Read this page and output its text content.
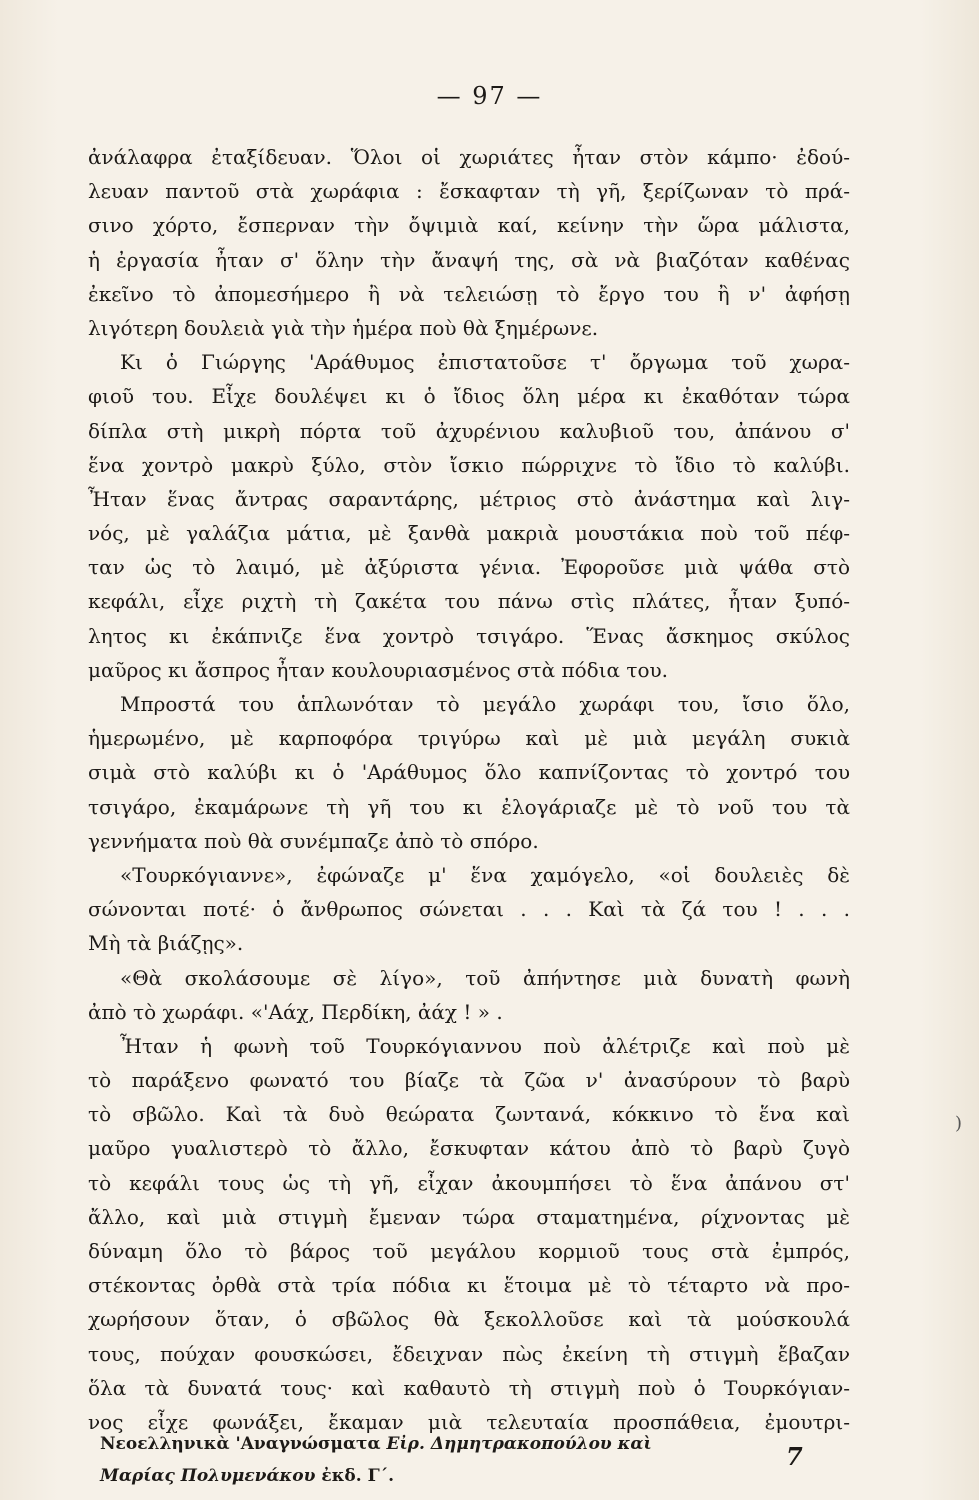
— 97 —
ἀνάλαφρα ἐταξίδευαν. Ὅλοι οἱ χωριάτες ἦταν στὸν κάμπο· ἐδού-
λευαν παντοῦ στὰ χωράφια : ἔσκαφταν τὴ γῆ, ξερίζωναν τὸ πρά-
σινο χόρτο, ἔσπερναν τὴν ὄψιμιὰ καί, κείνην τὴν ὥρα μάλιστα,
ἡ ἐργασία ἦταν σ' ὅλην τὴν ἄναψή της, σὰ νὰ βιαζόταν καθένας
ἐκεῖνο τὸ ἀπομεσήμερο ἢ νὰ τελειώσῃ τὸ ἔργο του ἢ ν' ἀφήσῃ
λιγότερη δουλειὰ γιὰ τὴν ἡμέρα ποὺ θὰ ξημέρωνε.
Κι ὁ Γιώργης 'Αράθυμος ἐπιστατοῦσε τ' ὄργωμα τοῦ χωρα-
φιοῦ του. Εἶχε δουλέψει κι ὁ ἴδιος ὅλη μέρα κι ἐκαθόταν τώρα
δίπλα στὴ μικρὴ πόρτα τοῦ ἀχυρένιου καλυβιοῦ του, ἀπάνου σ'
ἕνα χοντρὸ μακρὺ ξύλο, στὸν ἴσκιο πώρριχνε τὸ ἴδιο τὸ καλύβι.
Ἦταν ἕνας ἄντρας σαραντάρης, μέτριος στὸ ἀνάστημα καὶ λιγ-
νός, μὲ γαλάζια μάτια, μὲ ξανθὰ μακριὰ μουστάκια ποὺ τοῦ πέφ-
ταν ὡς τὸ λαιμό, μὲ ἀξύριστα γένια. Ἐφοροῦσε μιὰ ψάθα στὸ
κεφάλι, εἶχε ριχτὴ τὴ ζακέτα του πάνω στὶς πλάτες, ἦταν ξυπό-
λητος κι ἐκάπνιζε ἕνα χοντρὸ τσιγάρο. Ἕνας ἄσκημος σκύλος
μαῦρος κι ἄσπρος ἦταν κουλουριασμένος στὰ πόδια του.
Μπροστά του ἁπλωνόταν τὸ μεγάλο χωράφι του, ἴσιο ὅλο,
ἡμερωμένο, μὲ καρποφόρα τριγύρω καὶ μὲ μιὰ μεγάλη συκιὰ
σιμὰ στὸ καλύβι κι ὁ 'Αράθυμος ὅλο καπνίζοντας τὸ χοντρό του
τσιγάρο, ἐκαμάρωνε τὴ γῆ του κι ἐλογάριαζε μὲ τὸ νοῦ του τὰ
γεννήματα ποὺ θὰ συνέμπαζε ἀπὸ τὸ σπόρο.
«Τουρκόγιαννε», ἐφώναζε μ' ἕνα χαμόγελο, «οἱ δουλειὲς δὲ
σώνονται ποτέ· ὁ ἄνθρωπος σώνεται . . . Καὶ τὰ ζά του ! . . .
Μὴ τὰ βιάζῃς».
«Θὰ σκολάσουμε σὲ λίγο», τοῦ ἀπήντησε μιὰ δυνατὴ φωνὴ
ἀπὸ τὸ χωράφι. «'Αάχ, Περδίκη, ἀάχ ! » .
Ἦταν ἡ φωνὴ τοῦ Τουρκόγιαννου ποὺ ἀλέτριζε καὶ ποὺ μὲ
τὸ παράξενο φωνατό του βίαζε τὰ ζῶα ν' ἀνασύρουν τὸ βαρὺ
τὸ σβῶλο. Καὶ τὰ δυὸ θεώρατα ζωντανά, κόκκινο τὸ ἕνα καὶ
μαῦρο γυαλιστερὸ τὸ ἄλλο, ἔσκυφταν κάτου ἀπὸ τὸ βαρὺ ζυγὸ
τὸ κεφάλι τους ὡς τὴ γῆ, εἶχαν ἀκουμπήσει τὸ ἕνα ἀπάνου στ'
ἄλλο, καὶ μιὰ στιγμὴ ἔμεναν τώρα σταματημένα, ρίχνοντας μὲ
δύναμη ὅλο τὸ βάρος τοῦ μεγάλου κορμιοῦ τους στὰ ἐμπρός,
στέκοντας ὀρθὰ στὰ τρία πόδια κι ἕτοιμα μὲ τὸ τέταρτο νὰ προ-
χωρήσουν ὅταν, ὁ σβῶλος θὰ ξεκολλοῦσε καὶ τὰ μούσκουλά
τους, πούχαν φουσκώσει, ἔδειχναν πὼς ἐκείνη τὴ στιγμὴ ἔβαζαν
ὅλα τὰ δυνατά τους· καὶ καθαυτὸ τὴ στιγμὴ ποὺ ὁ Τουρκόγιαν-
νος εἶχε φωνάξει, ἔκαμαν μιὰ τελευταία προσπάθεια, ἐμουτρι-
)
Νεοελληνικὰ 'Αναγνώσματα Εἰρ. Δημητρακοπούλου καὶ
Μαρίας Πολυμενάκου ἐκδ. Γ΄.
7
